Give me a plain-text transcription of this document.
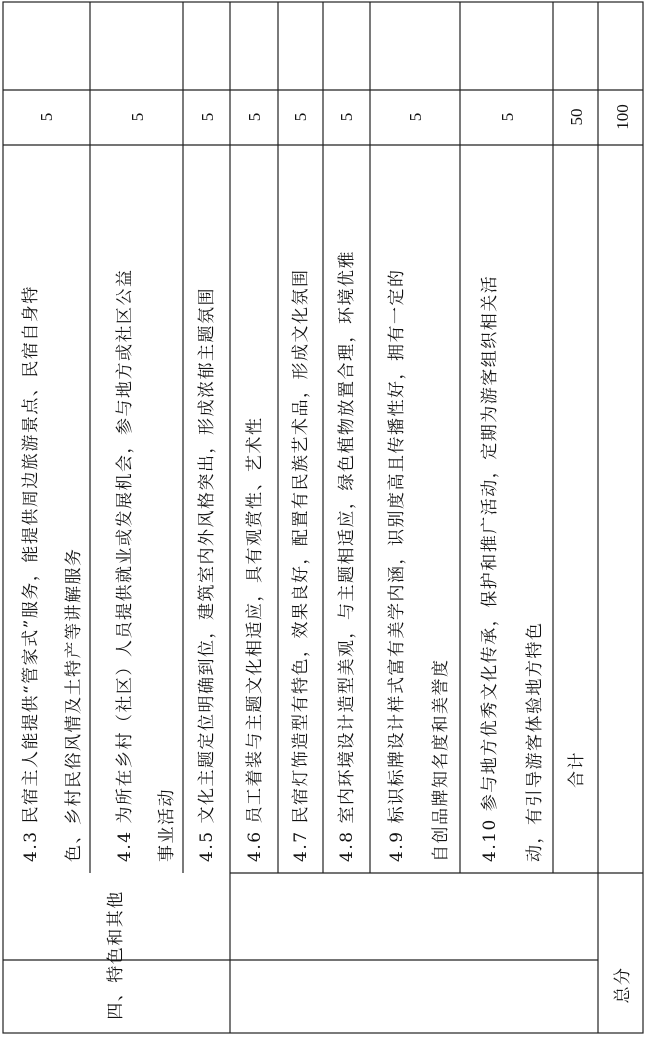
4.3 民宿主人能提供“管家式”服务，能提供周边旅游景点、民宿自身特 色、乡村民俗风情及土特产等讲解服务
5
4.4 为所在乡村（社区）人员提供就业或发展机会，参与地方或社区公益 事业活动
5
4.5 文化主题定位明确到位，建筑室内外风格突出，形成浓郁主题氛围
5
4.6 员工着装与主题文化相适应，具有观赏性、艺术性
5
4.7 民宿灯饰造型有特色，效果良好，配置有民族艺术品，形成文化氛围
5
4.8 室内环境设计造型美观，与主题相适应，绿色植物放置合理，环境优雅
5
4.9 标识标牌设计样式富有美学内涵，识别度高且传播性好，拥有一定的 自创品牌知名度和美誉度
5
4.10 参与地方优秀文化传承，保护和推广活动，定期为游客组织相关活 动，有引导游客体验地方特色
5
合计
50
四、特色和其他	总分
100
